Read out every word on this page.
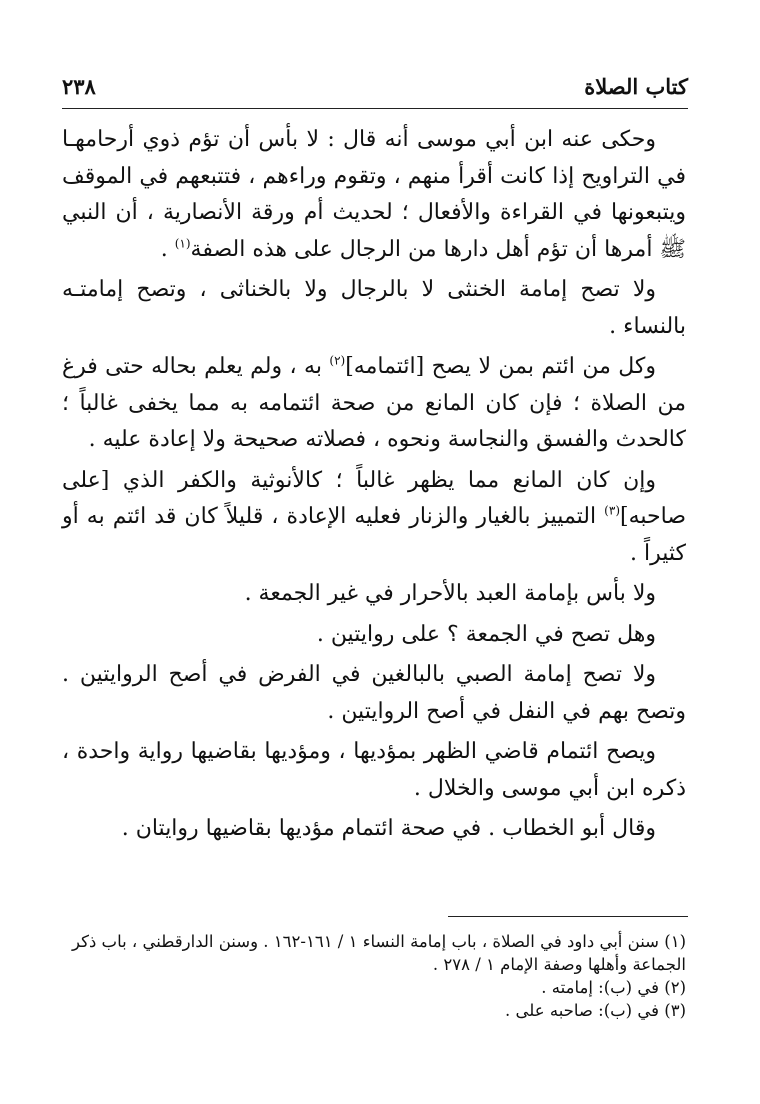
كتاب الصلاة
٢٣٨

وحكى عنه ابن أبي موسى أنه قال : لا بأس أن تؤم ذوي أرحامهـا في التراويح إذا كانت أقرأ منهم ، وتقوم وراءهم ، فتتبعهم في الموقف ويتبعونها في القراءة والأفعال ؛ لحديث أم ورقة الأنصارية ، أن النبي ﷺ أمرها أن تؤم أهل دارها من الرجال على هذه الصفة$^{(١)}$ .

ولا تصح إمامة الخنثى لا بالرجال ولا بالخناثى ، وتصح إمامتـه بالنساء .

وكل من ائتم بمن لا يصح [ائتمامه]$^{(٢)}$ به ، ولم يعلم بحاله حتى فرغ من الصلاة ؛ فإن كان المانع من صحة ائتمامه به مما يخفى غالباً ؛ كالحدث والفسق والنجاسة ونحوه ، فصلاته صحيحة ولا إعادة عليه .

وإن كان المانع مما يظهر غالباً ؛ كالأنوثية والكفر الذي [على صاحبه]$^{(٣)}$ التمييز بالغيار والزنار فعليه الإعادة ، قليلاً كان قد ائتم به أو كثيراً .

ولا بأس بإمامة العبد بالأحرار في غير الجمعة .

وهل تصح في الجمعة ؟ على روايتين .

ولا تصح إمامة الصبي بالبالغين في الفرض في أصح الروايتين . وتصح بهم في النفل في أصح الروايتين .

ويصح ائتمام قاضي الظهر بمؤديها ، ومؤديها بقاضيها رواية واحدة ، ذكره ابن أبي موسى والخلال .

وقال أبو الخطاب . في صحة ائتمام مؤديها بقاضيها روايتان .

(١) سنن أبي داود في الصلاة ، باب إمامة النساء ١ / ١٦١-١٦٢ . وسنن الدارقطني ، باب ذكر الجماعة وأهلها وصفة الإمام ١ / ٢٧٨ .

(٢) في (ب): إمامته .

(٣) في (ب): صاحبه على .
